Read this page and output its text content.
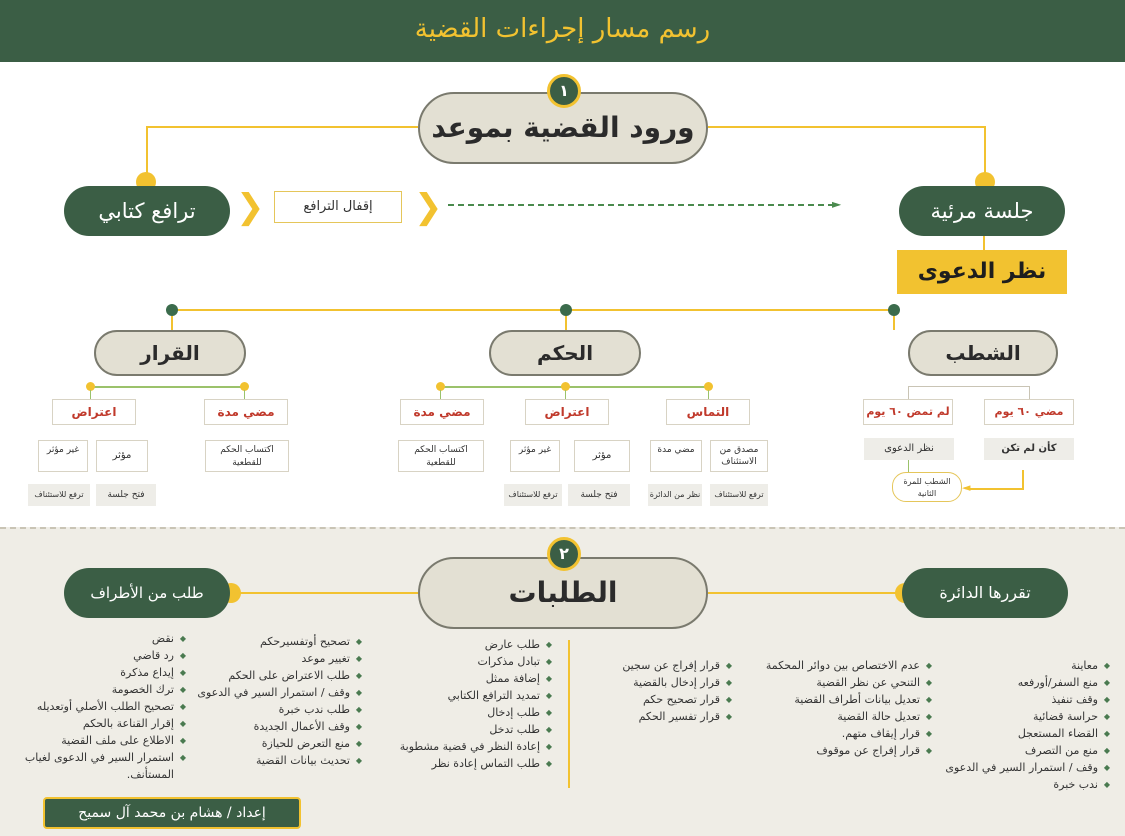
رسم مسار إجراءات القضية
ورود القضية بموعد
١
ترافع كتابي	❮	إقفال الترافع	❮	►	جلسة مرئية
نظر الدعوى
القرار	الحكم	الشطب
اعتراض	مضي مدة
غير مؤثر	مؤثر	اكتساب الحكم للقطعية
ترفع للاستئناف	فتح جلسة
مضي مدة	اعتراض	التماس
اكتساب الحكم للقطعية
غير مؤثر	مؤثر	مضي مدة	مصدق من الاستئناف
ترفع للاستئناف	فتح جلسة	نظر من الدائرة	ترفع للاستئناف
لم تمض ٦٠ يوم	مضي ٦٠ يوم
نظر الدعوى	كأن لم تكن
الشطب للمرة الثانية	◄
الطلبات
٢
طلب من الأطراف	تقررها الدائرة
◆ معاينة
◆ منع السفر/أورفعه
◆ وقف تنفيذ
◆ حراسة قضائية
◆ القضاء المستعجل
◆ منع من التصرف
◆ وقف / استمرار السير في الدعوى
◆ ندب خبرة
◆ عدم الاختصاص بين دوائر المحكمة
◆ التنحي عن نظر القضية
◆ تعديل بيانات أطراف القضية
◆ تعديل حالة القضية
◆ قرار إيقاف متهم.
◆ قرار إفراج عن موقوف
◆ قرار إفراج عن سجين
◆ قرار إدخال بالقضية
◆ قرار تصحيح حكم
◆ قرار تفسير الحكم
◆ طلب عارض
◆ تبادل مذكرات
◆ إضافة ممثل
◆ تمديد الترافع الكتابي
◆ طلب إدخال
◆ طلب تدخل
◆ إعادة النظر في قضية مشطوبة
◆ طلب التماس إعادة نظر
◆ تصحيح أوتفسيرحكم
◆ تغيير موعد
◆ طلب الاعتراض على الحكم
◆ وقف / استمرار السير في الدعوى
◆ طلب ندب خبرة
◆ وقف الأعمال الجديدة
◆ منع التعرض للحيازة
◆ تحديث بيانات القضية
◆ نقض
◆ رد قاضي
◆ إيداع مذكرة
◆ ترك الخصومة
◆ تصحيح الطلب الأصلي أوتعديله
◆ إقرار القناعة بالحكم
◆ الاطلاع على ملف القضية
◆ استمرار السير في الدعوى لغياب المستأنف.
إعداد / هشام بن محمد آل سميح
